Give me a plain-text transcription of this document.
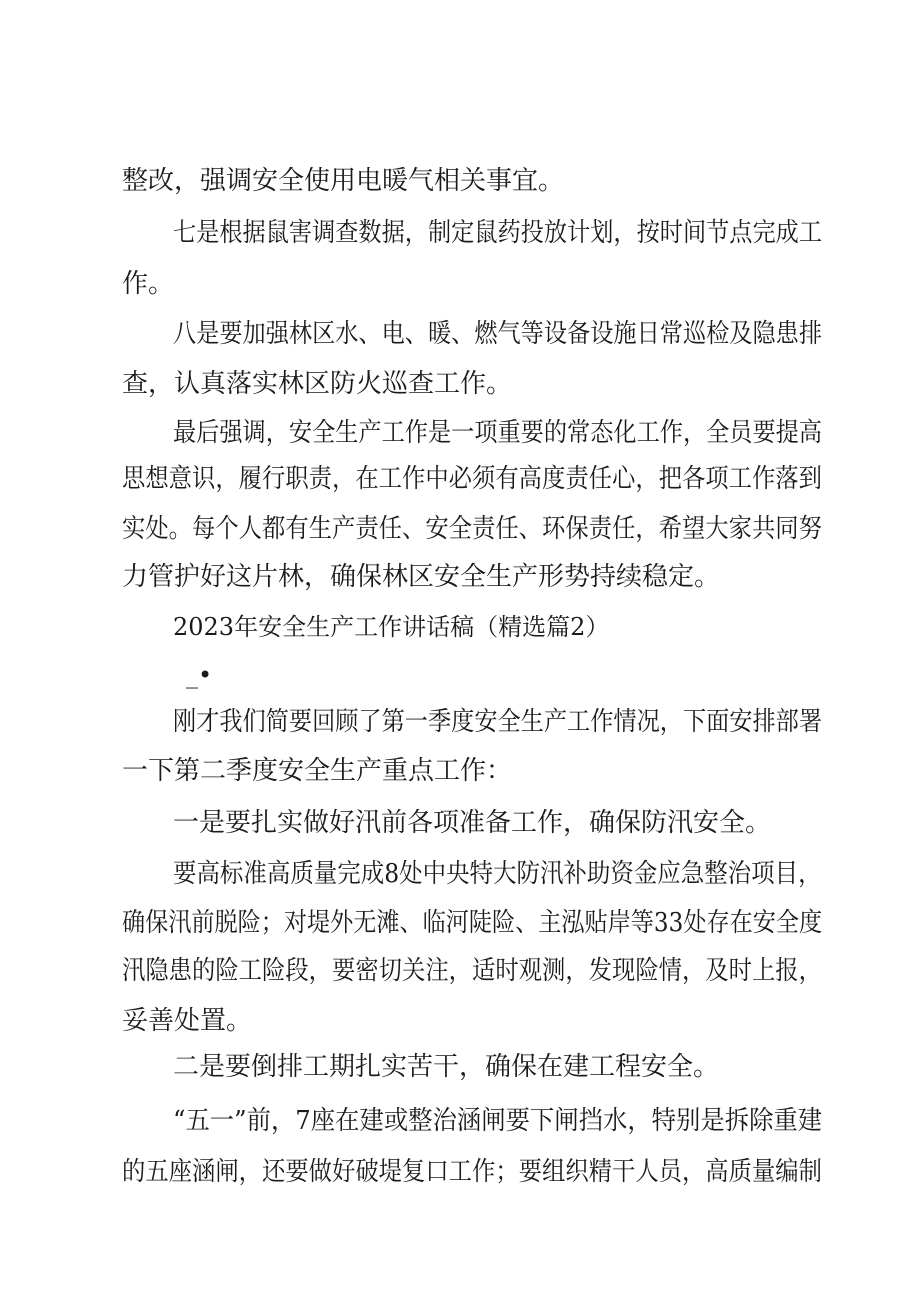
整改，强调安全使用电暖气相关事宜。
七是根据鼠害调查数据，制定鼠药投放计划，按时间节点完成工
作。
八是要加强林区水、电、暖、燃气等设备设施日常巡检及隐患排
查，认真落实林区防火巡查工作。
最后强调，安全生产工作是一项重要的常态化工作，全员要提高
思想意识，履行职责，在工作中必须有高度责任心，把各项工作落到
实处。每个人都有生产责任、安全责任、环保责任，希望大家共同努
力管护好这片林，确保林区安全生产形势持续稳定。
2023年安全生产工作讲话稿（精选篇2）
_•
刚才我们简要回顾了第一季度安全生产工作情况，下面安排部署
一下第二季度安全生产重点工作：
一是要扎实做好汛前各项准备工作，确保防汛安全。
要高标准高质量完成8处中央特大防汛补助资金应急整治项目，
确保汛前脱险；对堤外无滩、临河陡险、主泓贴岸等33处存在安全度
汛隐患的险工险段，要密切关注，适时观测，发现险情，及时上报，
妥善处置。
二是要倒排工期扎实苦干，确保在建工程安全。
“五一”前，7座在建或整治涵闸要下闸挡水，特别是拆除重建
的五座涵闸，还要做好破堤复口工作；要组织精干人员，高质量编制
